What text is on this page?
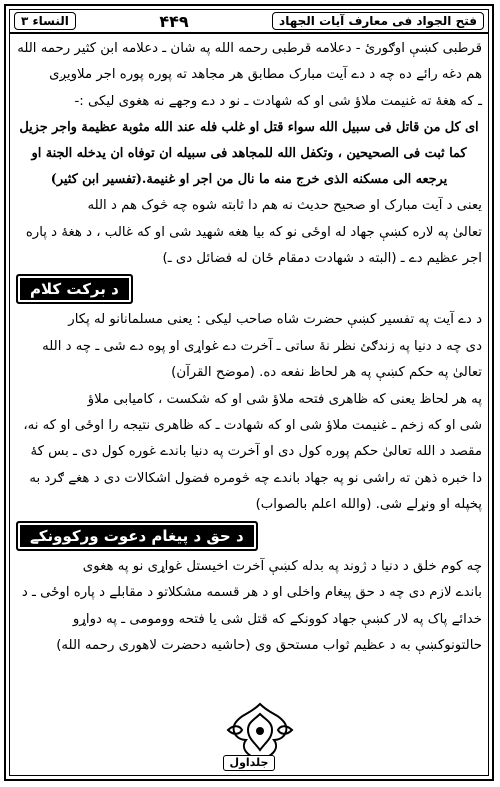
فتح الجواد فی معارف آیات الجهاد
۴۴۹
النساء ۳

قرطبی کښې اوګورئ - دعلامه قرطبی رحمه الله په شان ـ دعلامه ابن کثیر رحمه الله

هم دغه رائے ده چه د دے آیت مبارک مطابق هر مجاهد ته پوره پوره اجر ملاویږی

ـ که هغهٔ ته غنیمت ملاؤ شی او که شهادت ـ نو د دے وجهے نه هغوی لیکی :-

ای کل من قاتل فی سبیل الله سواء قتل او غلب فله عند الله مثوبة عظیمة واجر جزیل

کما ثبت فی الصحیحین ، وتکفل الله للمجاهد فی سبیله ان توفاه ان یدخله الجنة او

یرجعه الی مسکنه الذی خرج منه ما نال من اجر او غنیمة.(تفسیر ابن کثیر)

یعنی د آیت مبارک او صحیح حدیث نه هم دا ثابته شوه چه څوک هم د الله

تعالیٰ په لاره کښې جهاد له اوځی نو که بیا هغه شهید شی او که غالب ، د هغهٔ د پاره

اجر عظیم دے ـ (البته د شهادت دمقام ځان له فضائل دی ـ)

د برکت کلام

د دے آیت په تفسیر کښې حضرت شاه صاحب لیکی : یعنی مسلمانانو له پکار

دی چه د دنیا په زندګئ نظر نهٔ ساتی ـ آخرت دے غواړی او پوه دے شی ـ چه د الله

تعالیٰ په حکم کښې په هر لحاظ نفعه ده. (موضح القرآن)

په هر لحاظ یعنی که ظاهری فتحه ملاؤ شی او که شکست ، کامیابی ملاؤ

شی او که زخم ـ غنیمت ملاؤ شی او که شهادت ـ که ظاهری نتیجه را اوځی او که نه،

مقصد د الله تعالیٰ حکم پوره کول دی او آخرت په دنیا باندے غوره کول دی ـ بس کهٔ

دا خبره ذهن ته راشی نو په جهاد باندے چه څومره فضول اشکالات دی د هغے ګرد به

پخپله او ونړلے شی. (والله اعلم بالصواب)

د حق د پیغام دعوت ورکوونکے

چه کوم خلق د دنیا د ژوند په بدله کښې آخرت اخیستل غواړی نو په هغوی

باندے لازم دی چه د حق پیغام واخلی او د هر قسمه مشکلاتو د مقابلے د پاره اوځی ـ د

خدائے پاک په لار کښې جهاد کوونکے که قتل شی یا فتحه وومومی ـ په دواړو

حالتونوکښې به د عظیم ثواب مستحق وی (حاشیه دحضرت لاهوری رحمه الله)

جلداول
